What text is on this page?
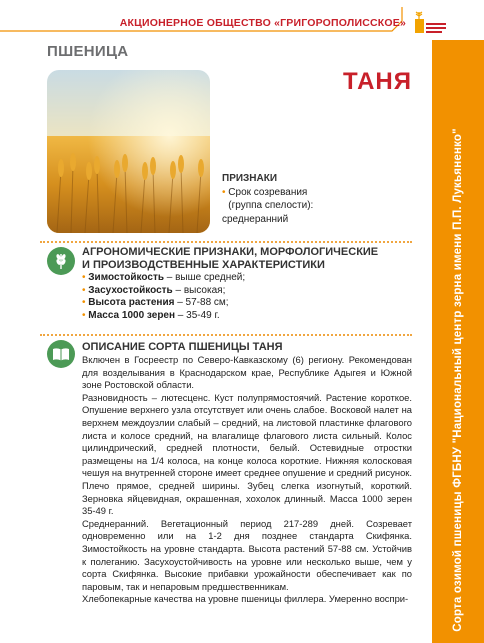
АКЦИОНЕРНОЕ ОБЩЕСТВО «ГРИГОРОПОЛИССКОЕ»
Сорта озимой пшеницы ФГБНУ "Национальный центр зерна имени П.П. Лукьяненко"
ПШЕНИЦА
ТАНЯ
ПРИЗНАКИ
• Срок созревания (группа спелости):
среднеранний
АГРОНОМИЧЕСКИЕ ПРИЗНАКИ, МОРФОЛОГИЧЕСКИЕ
И ПРОИЗВОДСТВЕННЫЕ ХАРАКТЕРИСТИКИ
• Зимостойкость – выше средней;
• Засухостойкость – высокая;
• Высота растения – 57-88 см;
• Масса 1000 зерен – 35-49 г.
ОПИСАНИЕ СОРТА ПШЕНИЦЫ ТАНЯ

Включен в Госреестр по Северо-Кавказскому (6) региону. Рекомендован для возделывания в Краснодарском крае, Республике Адыгея и Южной зоне Ростовской области.

Разновидность – лютесценс. Куст полупрямостоячий. Растение короткое. Опушение верхнего узла отсутствует или очень слабое. Восковой налет на верхнем междоузлии слабый – средний, на листовой пластинке флагового листа и колосе средний, на влагалище флагового листа сильный. Колос цилиндрический, средней плотности, белый. Остевидные отростки размещены на 1/4 колоса, на конце колоса короткие. Нижняя колосковая чешуя на внутренней стороне имеет среднее опушение и средний рисунок. Плечо прямое, средней ширины. Зубец слегка изогнутый, короткий. Зерновка яйцевидная, окрашенная, хохолок длинный. Масса 1000 зерен 35-49 г.

Среднеранний. Вегетационный период 217-289 дней. Созревает одновременно или на 1-2 дня позднее стандарта Скифянка. Зимостойкость на уровне стандарта. Высота растений 57-88 см. Устойчив к полеганию. Засухоустойчивость на уровне или несколько выше, чем у сорта Скифянка. Высокие прибавки урожайности обеспечивает как по паровым, так и непаровым предшественникам.

Хлебопекарные качества на уровне пшеницы филлера. Умеренно воспри-
